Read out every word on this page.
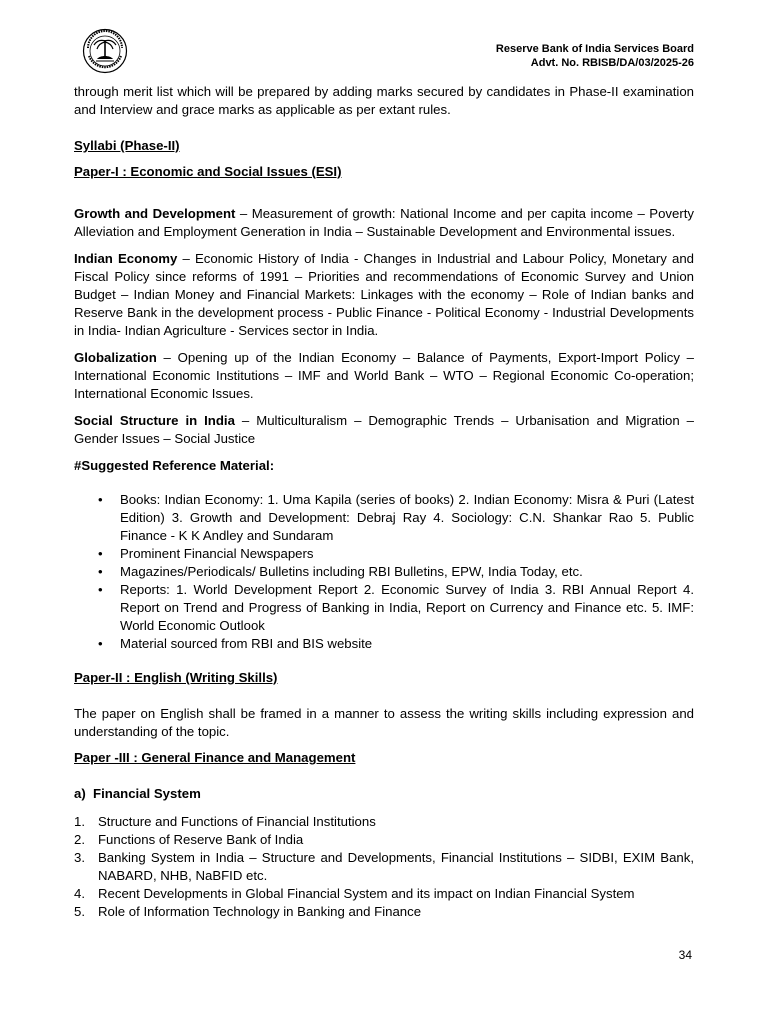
Reserve Bank of India Services Board
Advt. No. RBISB/DA/03/2025-26

through merit list which will be prepared by adding marks secured by candidates in Phase-II examination and Interview and grace marks as applicable as per extant rules.

Syllabi (Phase-II)
Paper-I : Economic and Social Issues (ESI)

Growth and Development – Measurement of growth: National Income and per capita income – Poverty Alleviation and Employment Generation in India – Sustainable Development and Environmental issues.

Indian Economy – Economic History of India - Changes in Industrial and Labour Policy, Monetary and Fiscal Policy since reforms of 1991 – Priorities and recommendations of Economic Survey and Union Budget – Indian Money and Financial Markets: Linkages with the economy – Role of Indian banks and Reserve Bank in the development process - Public Finance - Political Economy - Industrial Developments in India- Indian Agriculture - Services sector in India.

Globalization – Opening up of the Indian Economy – Balance of Payments, Export-Import Policy – International Economic Institutions – IMF and World Bank – WTO – Regional Economic Co-operation; International Economic Issues.

Social Structure in India – Multiculturalism – Demographic Trends – Urbanisation and Migration – Gender Issues – Social Justice

#Suggested Reference Material:
• Books: Indian Economy: 1. Uma Kapila (series of books) 2. Indian Economy: Misra & Puri (Latest Edition) 3. Growth and Development: Debraj Ray 4. Sociology: C.N. Shankar Rao 5. Public Finance - K K Andley and Sundaram
• Prominent Financial Newspapers
• Magazines/Periodicals/ Bulletins including RBI Bulletins, EPW, India Today, etc.
• Reports: 1. World Development Report 2. Economic Survey of India 3. RBI Annual Report 4. Report on Trend and Progress of Banking in India, Report on Currency and Finance etc. 5. IMF: World Economic Outlook
• Material sourced from RBI and BIS website
Paper-II : English (Writing Skills)

The paper on English shall be framed in a manner to assess the writing skills including expression and understanding of the topic.

Paper -III : General Finance and Management
a)  Financial System
1. Structure and Functions of Financial Institutions
2. Functions of Reserve Bank of India
3. Banking System in India – Structure and Developments, Financial Institutions – SIDBI, EXIM Bank, NABARD, NHB, NaBFID etc.
4. Recent Developments in Global Financial System and its impact on Indian Financial System
5. Role of Information Technology in Banking and Finance
34
